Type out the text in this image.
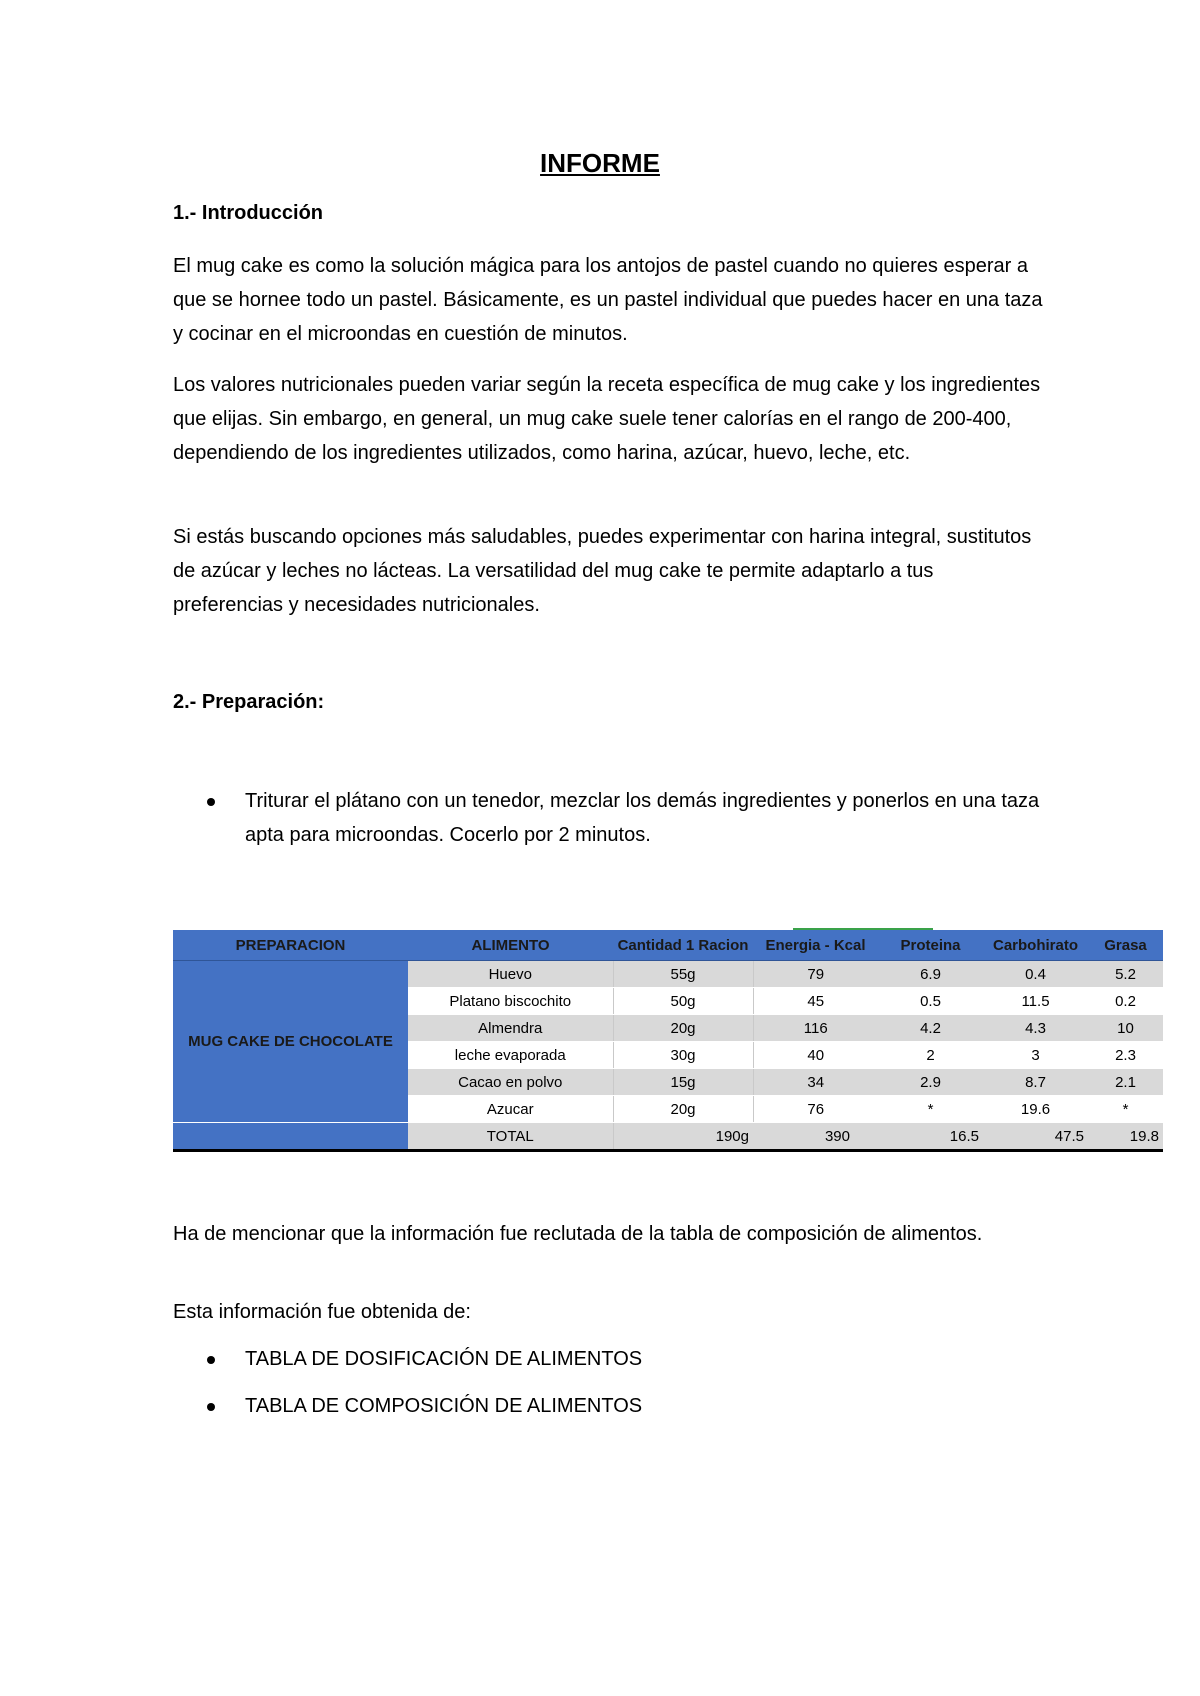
INFORME
1.- Introducción

El mug cake es como la solución mágica para los antojos de pastel cuando no quieres esperar a que se hornee todo un pastel. Básicamente, es un pastel individual que puedes hacer en una taza y cocinar en el microondas en cuestión de minutos.

Los valores nutricionales pueden variar según la receta específica de mug cake y los ingredientes que elijas. Sin embargo, en general, un mug cake suele tener calorías en el rango de 200-400, dependiendo de los ingredientes utilizados, como harina, azúcar, huevo, leche, etc.

Si estás buscando opciones más saludables, puedes experimentar con harina integral, sustitutos de azúcar y leches no lácteas. La versatilidad del mug cake te permite adaptarlo a tus preferencias y necesidades nutricionales.

2.- Preparación:
Triturar el plátano con un tenedor, mezclar los demás ingredientes y ponerlos en una taza apta para microondas. Cocerlo por 2 minutos.
PREPARACION	ALIMENTO	Cantidad 1 Racion	Energia - Kcal	Proteina	Carbohirato	Grasa
MUG CAKE DE CHOCOLATE	Huevo	55g	79	6.9	0.4	5.2
	Platano biscochito	50g	45	0.5	11.5	0.2
	Almendra	20g	116	4.2	4.3	10
	leche evaporada	30g	40	2	3	2.3
	Cacao en polvo	15g	34	2.9	8.7	2.1
	Azucar	20g	76	*	19.6	*
	TOTAL	190g	390	16.5	47.5	19.8

Ha de mencionar que la información fue reclutada de la tabla de composición de alimentos.

Esta información fue obtenida de:

TABLA DE DOSIFICACIÓN DE ALIMENTOS
TABLA DE COMPOSICIÓN DE ALIMENTOS
